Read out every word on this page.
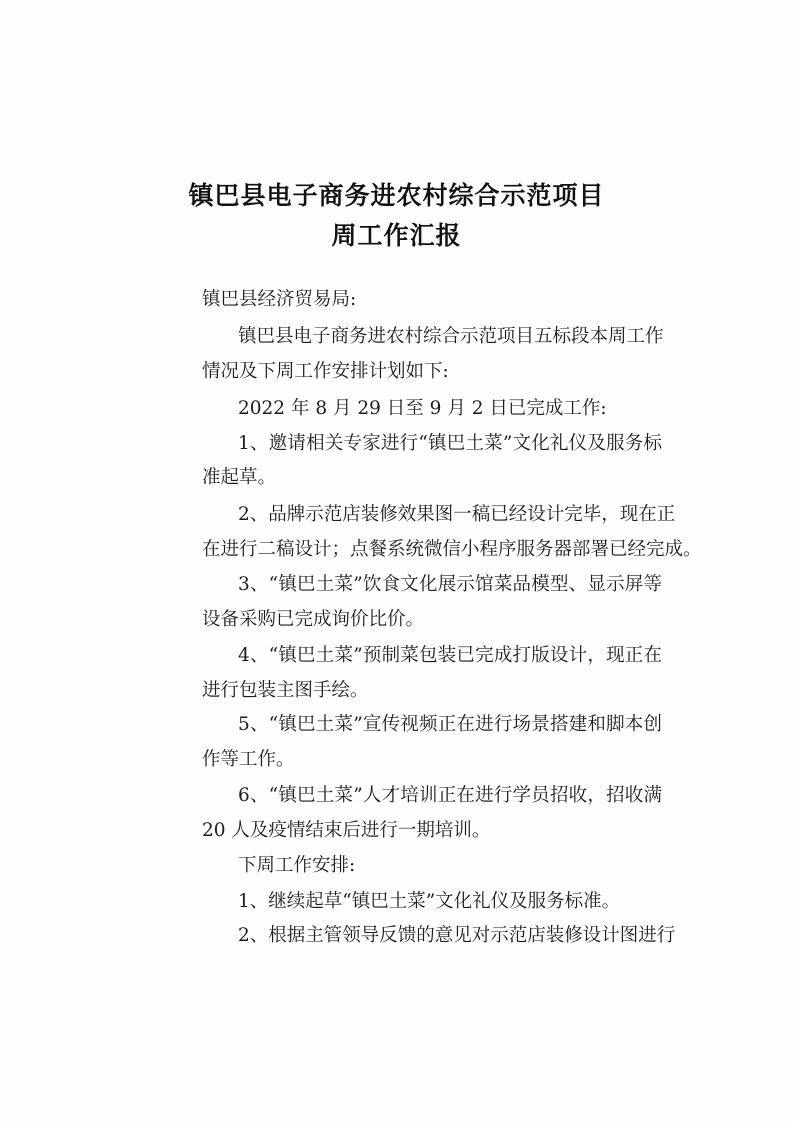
镇巴县电子商务进农村综合示范项目
周工作汇报
镇巴县经济贸易局:
镇巴县电子商务进农村综合示范项目五标段本周工作
情况及下周工作安排计划如下:
2022 年 8 月 29 日至 9 月 2 日已完成工作:
1、邀请相关专家进行“镇巴土菜”文化礼仪及服务标
准起草。
2、品牌示范店装修效果图一稿已经设计完毕，现在正
在进行二稿设计；点餐系统微信小程序服务器部署已经完成。
3、“镇巴土菜”饮食文化展示馆菜品模型、显示屏等
设备采购已完成询价比价。
4、“镇巴土菜”预制菜包装已完成打版设计，现正在
进行包装主图手绘。
5、“镇巴土菜”宣传视频正在进行场景搭建和脚本创
作等工作。
6、“镇巴土菜”人才培训正在进行学员招收，招收满
20 人及疫情结束后进行一期培训。
下周工作安排:
1、继续起草“镇巴土菜”文化礼仪及服务标准。
2、根据主管领导反馈的意见对示范店装修设计图进行
